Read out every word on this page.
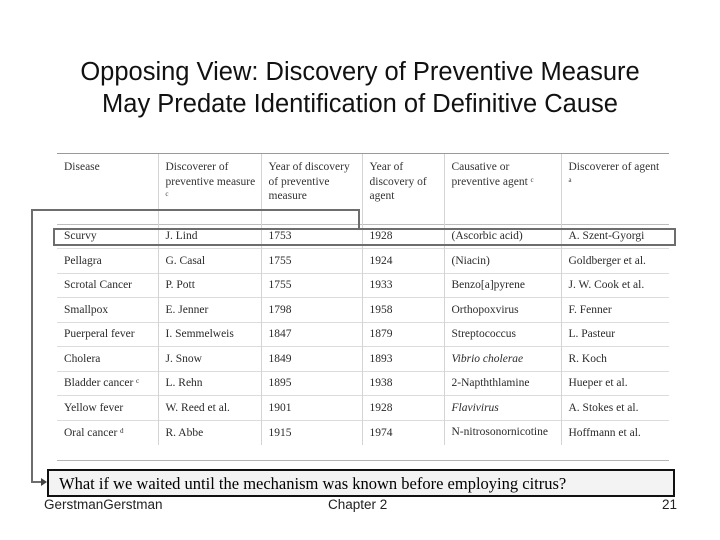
Opposing View: Discovery of Preventive Measure
May Predate Identification of Definitive Cause
Disease	Discoverer of preventive measure ᶜ	Year of discovery of preventive measure	Year of discovery of agent	Causative or preventive agent ᶜ	Discoverer of agent ᵃ
Scurvy	J. Lind	1753	1928	(Ascorbic acid)	A. Szent-Gyorgi
Pellagra	G. Casal	1755	1924	(Niacin)	Goldberger et al.
Scrotal Cancer	P. Pott	1755	1933	Benzo[a]pyrene	J. W. Cook et al.
Smallpox	E. Jenner	1798	1958	Orthopoxvirus	F. Fenner
Puerperal fever	I. Semmelweis	1847	1879	Streptococcus	L. Pasteur
Cholera	J. Snow	1849	1893	Vibrio cholerae	R. Koch
Bladder cancer ᶜ	L. Rehn	1895	1938	2-Napththlamine	Hueper et al.
Yellow fever	W. Reed et al.	1901	1928	Flavivirus	A. Stokes et al.
Oral cancer ᵈ	R. Abbe	1915	1974	N-nitrosonornicotine	Hoffmann et al.
What if we waited until the mechanism was known before employing citrus?
GerstmanGerstman	Chapter 2	21
